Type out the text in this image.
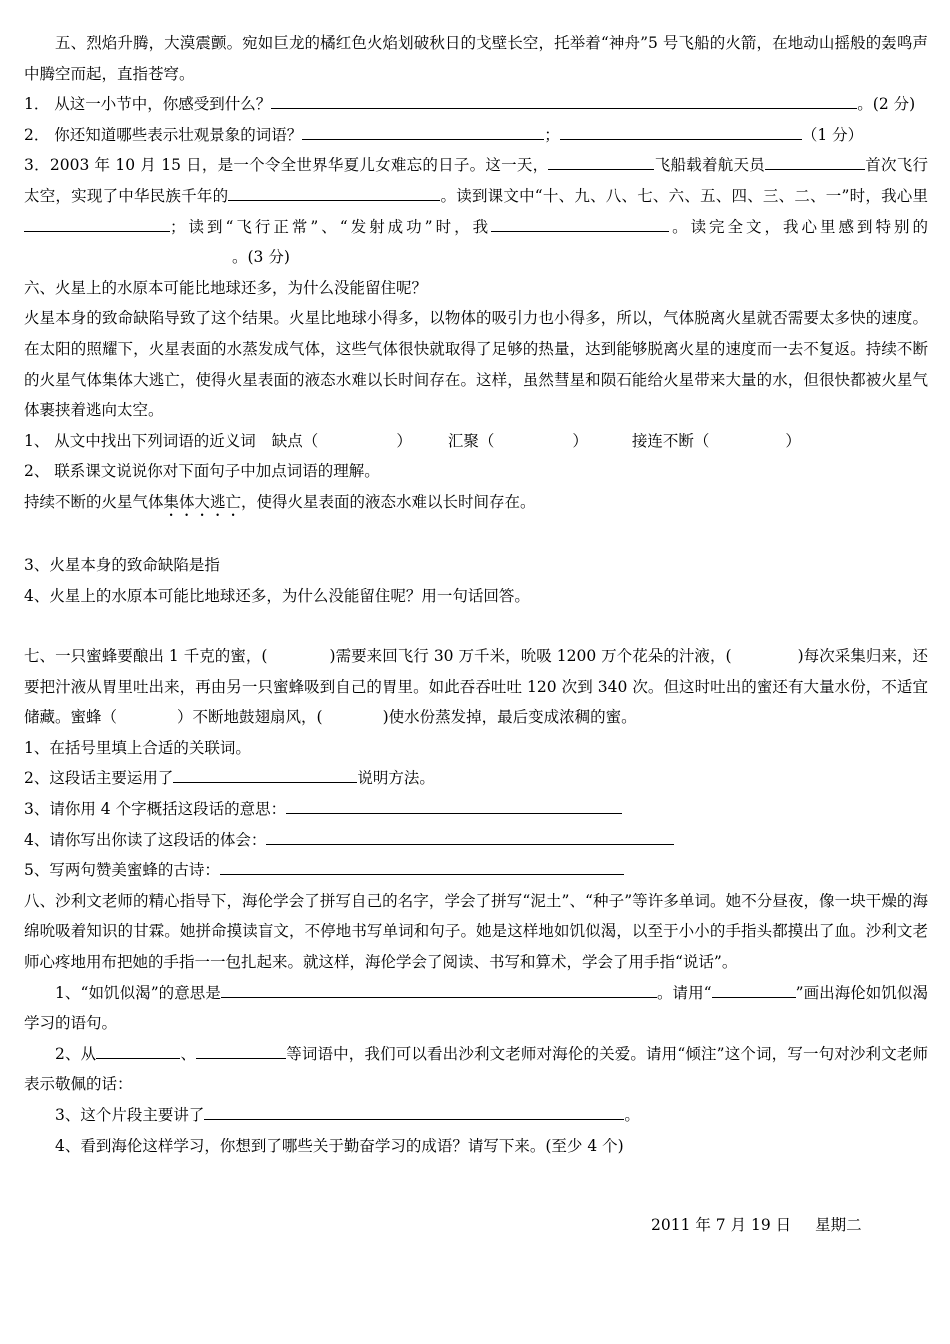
五、烈焰升腾，大漠震颤。宛如巨龙的橘红色火焰划破秋日的戈壁长空，托举着“神舟”5 号飞船的火箭，在地动山摇般的轰鸣声中腾空而起，直指苍穹。

1． 从这一小节中，你感受到什么？	。(2 分)

2． 你还知道哪些表示壮观景象的词语？	；	（1 分）

3．2003 年 10 月 15 日，是一个令全世界华夏儿女难忘的日子。这一天，	飞船载着航天员	首次飞行太空，实现了中华民族千年的	。读到课文中“十、九、八、七、六、五、四、三、二、一”时，我心里；读到“飞行正常”、“发射成功”时，我	。读完全文，我心里感到特别的。(3 分)

六、火星上的水原本可能比地球还多，为什么没能留住呢？

火星本身的致命缺陷导致了这个结果。火星比地球小得多，以物体的吸引力也小得多，所以，气体脱离火星就否需要太多快的速度。在太阳的照耀下，火星表面的水蒸发成气体，这些气体很快就取得了足够的热量，达到能够脱离火星的速度而一去不复返。持续不断的火星气体集体大逃亡，使得火星表面的液态水难以长时间存在。这样，虽然彗星和陨石能给火星带来大量的水，但很快都被火星气体裹挟着逃向太空。

1、 从文中找出下列词语的近义词 缺点（	） 汇聚（	）	接连不断（	）

2、 联系课文说说你对下面句子中加点词语的理解。

持续不断的火星气体集体大逃亡，使得火星表面的液态水难以长时间存在。

3、火星本身的致命缺陷是指

4、火星上的水原本可能比地球还多，为什么没能留住呢？用一句话回答。

七、一只蜜蜂要酿出 1 千克的蜜，(	)需要来回飞行 30 万千米，吮吸 1200 万个花朵的汁液，(	)每次采集归来，还要把汁液从胃里吐出来，再由另一只蜜蜂吸到自己的胃里。如此吞吞吐吐 120 次到 340 次。但这时吐出的蜜还有大量水份，不适宜储藏。蜜蜂（	）不断地鼓翅扇风，(	)使水份蒸发掉，最后变成浓稠的蜜。

1、在括号里填上合适的关联词。

2、这段话主要运用了	说明方法。

3、请你用 4 个字概括这段话的意思：

4、请你写出你读了这段话的体会：

5、写两句赞美蜜蜂的古诗：

八、沙利文老师的精心指导下，海伦学会了拼写自己的名字，学会了拼写“泥土”、“种子”等许多单词。她不分昼夜，像一块干燥的海绵吮吸着知识的甘霖。她拼命摸读盲文，不停地书写单词和句子。她是这样地如饥似渴，以至于小小的手指头都摸出了血。沙利文老师心疼地用布把她的手指一一包扎起来。就这样，海伦学会了阅读、书写和算术，学会了用手指“说话”。

1、“如饥似渴”的意思是	。请用“	”画出海伦如饥似渴学习的语句。

2、从	、	等词语中，我们可以看出沙利文老师对海伦的关爱。请用“倾注”这个词，写一句对沙利文老师表示敬佩的话：

3、这个片段主要讲了	。

4、看到海伦这样学习，你想到了哪些关于勤奋学习的成语？请写下来。(至少 4 个)

2011 年 7 月 19 日 星期二
